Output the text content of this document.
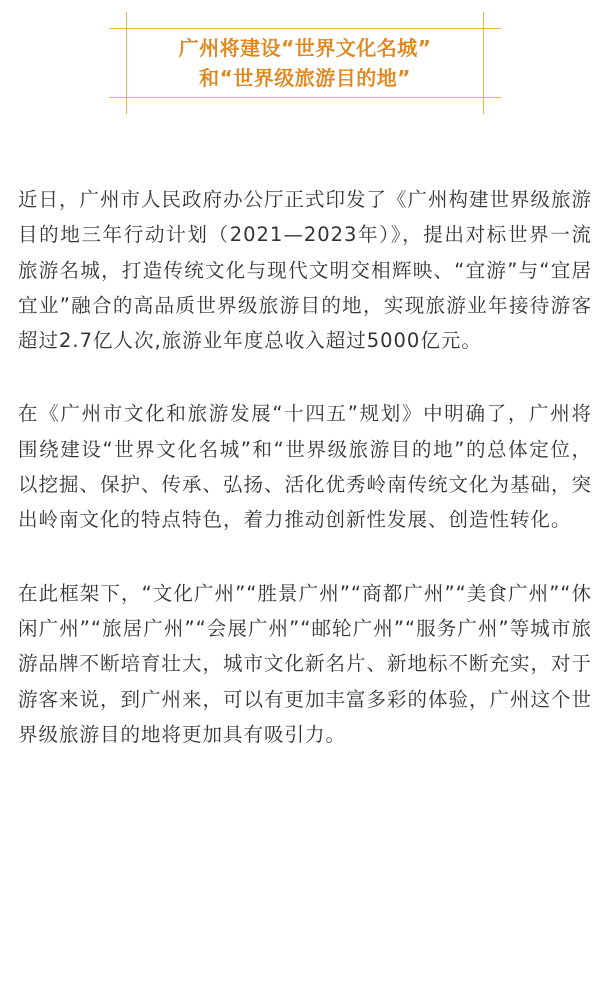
广州将建设“世界文化名城”
和“世界级旅游目的地”

近日，广州市人民政府办公厅正式印发了《广州构建世界级旅游目的地三年行动计划（2021—2023年）》，提出对标世界一流旅游名城，打造传统文化与现代文明交相辉映、“宜游”与“宜居宜业”融合的高品质世界级旅游目的地，实现旅游业年接待游客超过2.7亿人次,旅游业年度总收入超过5000亿元。

在《广州市文化和旅游发展“十四五”规划》中明确了，广州将围绕建设“世界文化名城”和“世界级旅游目的地”的总体定位，以挖掘、保护、传承、弘扬、活化优秀岭南传统文化为基础，突出岭南文化的特点特色，着力推动创新性发展、创造性转化。

在此框架下，“文化广州”“胜景广州”“商都广州”“美食广州”“休闲广州”“旅居广州”“会展广州”“邮轮广州”“服务广州”等城市旅游品牌不断培育壮大，城市文化新名片、新地标不断充实，对于游客来说，到广州来，可以有更加丰富多彩的体验，广州这个世界级旅游目的地将更加具有吸引力。
